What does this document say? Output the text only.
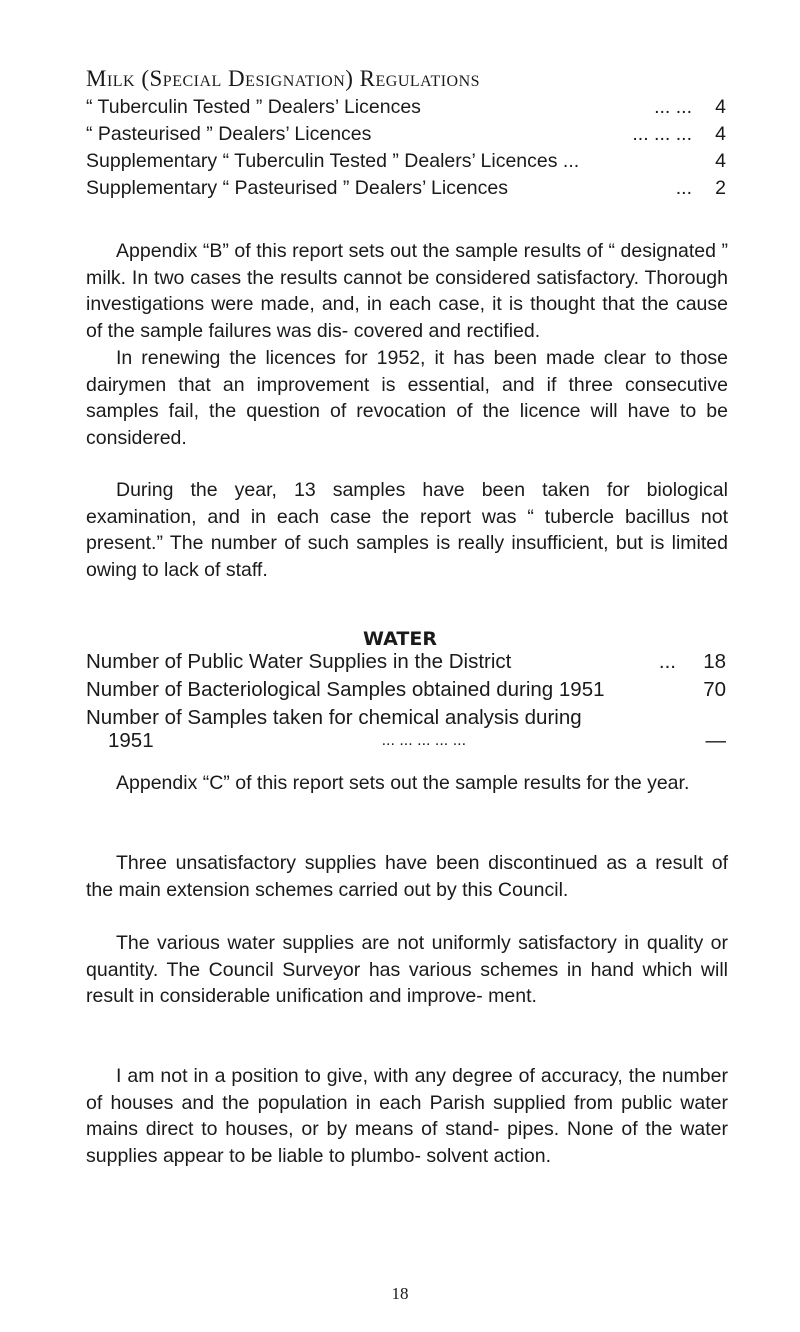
Milk (Special Designation) Regulations
“ Tuberculin Tested ” Dealers’ Licences	... ...	4
“ Pasteurised ” Dealers’ Licences	... ... ...	4
Supplementary “ Tuberculin Tested ” Dealers’ Licences ...	4
Supplementary “ Pasteurised ” Dealers’ Licences	...	2

Appendix “B” of this report sets out the sample results of “ designated ” milk. In two cases the results cannot be considered satisfactory. Thorough investigations were made, and, in each case, it is thought that the cause of the sample failures was dis- covered and rectified.

In renewing the licences for 1952, it has been made clear to those dairymen that an improvement is essential, and if three consecutive samples fail, the question of revocation of the licence will have to be considered.

During the year, 13 samples have been taken for biological examination, and in each case the report was “ tubercle bacillus not present.” The number of such samples is really insufficient, but is limited owing to lack of staff.

WATER
Number of Public Water Supplies in the District	...	18
Number of Bacteriological Samples obtained during 1951	70
Number of Samples taken for chemical analysis during
1951	... ... ... ... ...	—

Appendix “C” of this report sets out the sample results for the year.

Three unsatisfactory supplies have been discontinued as a result of the main extension schemes carried out by this Council.

The various water supplies are not uniformly satisfactory in quality or quantity. The Council Surveyor has various schemes in hand which will result in considerable unification and improve- ment.

I am not in a position to give, with any degree of accuracy, the number of houses and the population in each Parish supplied from public water mains direct to houses, or by means of stand- pipes. None of the water supplies appear to be liable to plumbo- solvent action.

18
